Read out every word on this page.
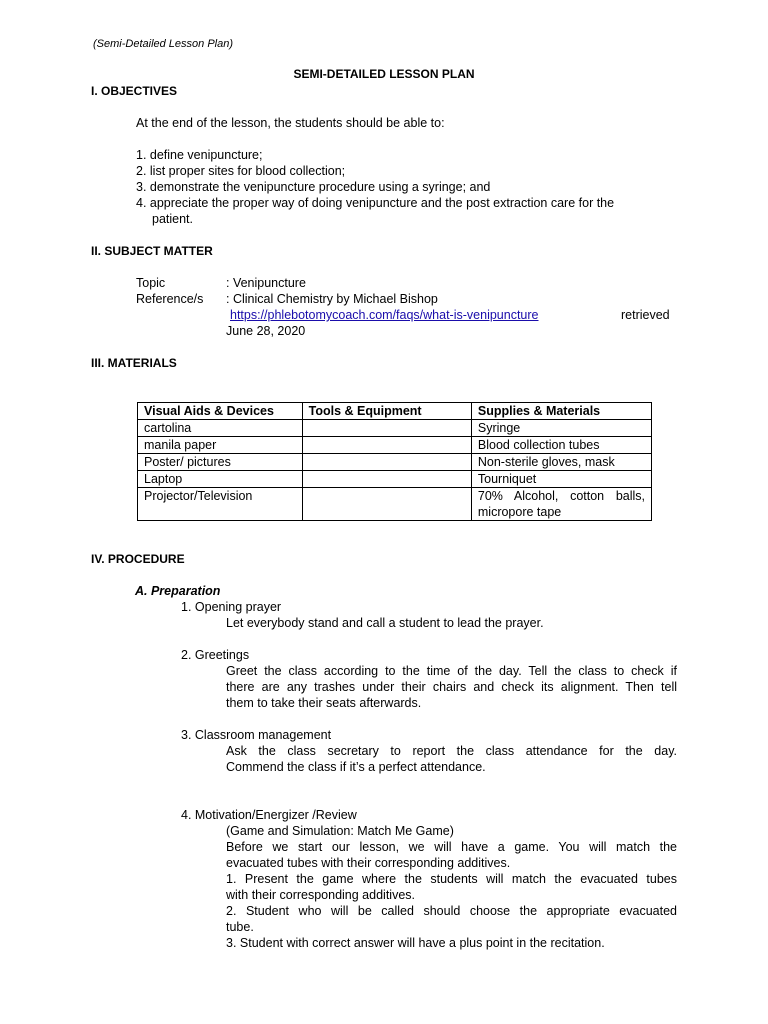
(Semi-Detailed Lesson Plan)
SEMI-DETAILED LESSON PLAN
I. OBJECTIVES
At the end of the lesson, the students should be able to:
1. define venipuncture;
2. list proper sites for blood collection;
3. demonstrate the venipuncture procedure using a syringe; and
4. appreciate the proper way of doing venipuncture and the post extraction care for the
patient.
II. SUBJECT MATTER
Topic	: Venipuncture
Reference/s : Clinical Chemistry by Michael Bishop
https://phlebotomycoach.com/faqs/what-is-venipuncture	retrieved
June 28, 2020
III. MATERIALS
Visual Aids & Devices	Tools & Equipment	Supplies & Materials
cartolina		Syringe
manila paper		Blood collection tubes
Poster/ pictures		Non-sterile gloves, mask
Laptop		Tourniquet
Projector/Television		70% Alcohol, cotton balls, micropore tape
IV. PROCEDURE
A. Preparation
1. Opening prayer
Let everybody stand and call a student to lead the prayer.
2. Greetings
Greet the class according to the time of the day. Tell the class to check if
there are any trashes under their chairs and check its alignment. Then tell
them to take their seats afterwards.
3. Classroom management
Ask the class secretary to report the class attendance for the day.
Commend the class if it’s a perfect attendance.
4. Motivation/Energizer /Review
(Game and Simulation: Match Me Game)
Before we start our lesson, we will have a game. You will match the
evacuated tubes with their corresponding additives.
1. Present the game where the students will match the evacuated tubes
with their corresponding additives.
2. Student who will be called should choose the appropriate evacuated
tube.
3. Student with correct answer will have a plus point in the recitation.
